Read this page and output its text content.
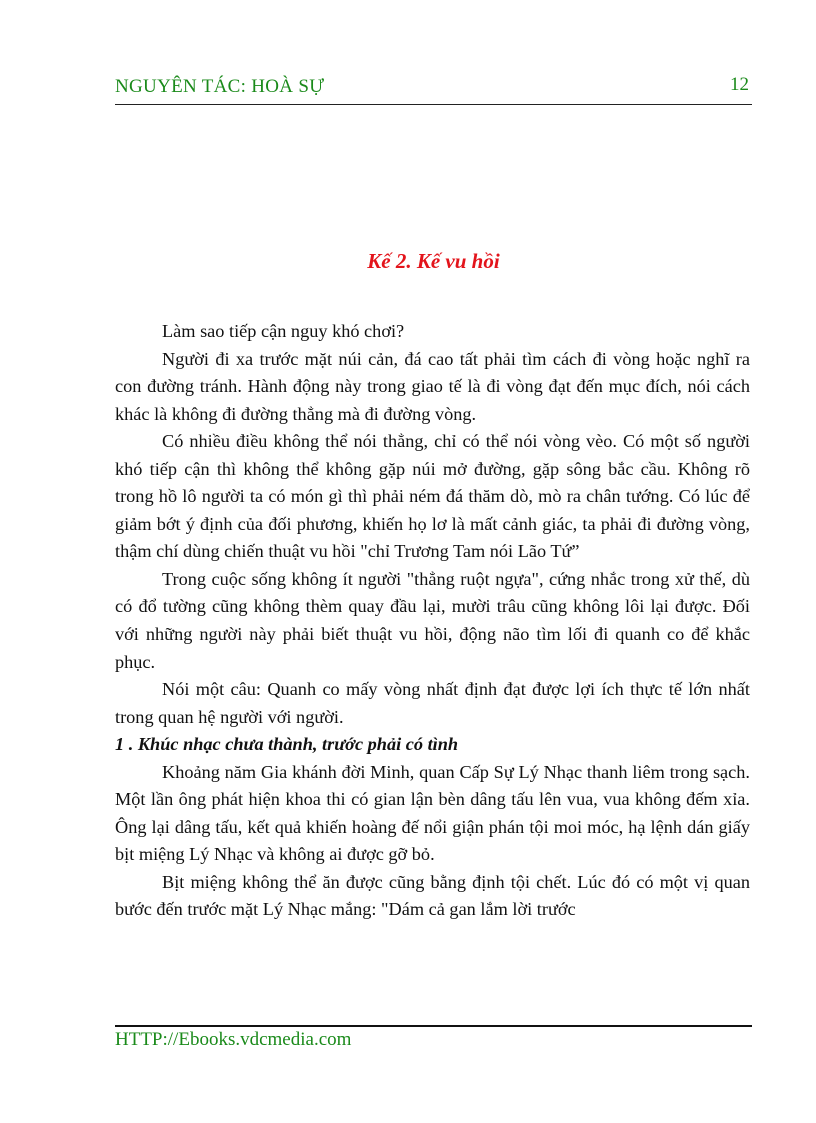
NGUYÊN TÁC: HOÀ SỰ	12
Kế 2. Kế vu hồi

Làm sao tiếp cận nguy khó chơi?

Người đi xa trước mặt núi cản, đá cao tất phải tìm cách đi vòng hoặc nghĩ ra con đường tránh. Hành động này trong giao tế là đi vòng đạt đến mục đích, nói cách khác là không đi đường thẳng mà đi đường vòng.

Có nhiều điều không thể nói thẳng, chỉ có thể nói vòng vèo. Có một số người khó tiếp cận thì không thể không gặp núi mở đường, gặp sông bắc cầu. Không rõ trong hồ lô người ta có món gì thì phải ném đá thăm dò, mò ra chân tướng. Có lúc để giảm bớt ý định của đối phương, khiến họ lơ là mất cảnh giác, ta phải đi đường vòng, thậm chí dùng chiến thuật vu hồi "chỉ Trương Tam nói Lão Tứ”

Trong cuộc sống không ít người "thẳng ruột ngựa", cứng nhắc trong xử thế, dù có đổ tường cũng không thèm quay đầu lại, mười trâu cũng không lôi lại được. Đối với những người này phải biết thuật vu hồi, động não tìm lối đi quanh co để khắc phục.

Nói một câu: Quanh co mấy vòng nhất định đạt được lợi ích thực tế lớn nhất trong quan hệ người với người.

1 . Khúc nhạc chưa thành, trước phải có tình

Khoảng năm Gia khánh đời Minh, quan Cấp Sự Lý Nhạc thanh liêm trong sạch. Một lần ông phát hiện khoa thi có gian lận bèn dâng tấu lên vua, vua không đếm xỉa. Ông lại dâng tấu, kết quả khiến hoàng đế nổi giận phán tội moi móc, hạ lệnh dán giấy bịt miệng Lý Nhạc và không ai được gỡ bỏ.

Bịt miệng không thể ăn được cũng bằng định tội chết. Lúc đó có một vị quan bước đến trước mặt Lý Nhạc mắng: "Dám cả gan lắm lời trước

HTTP://Ebooks.vdcmedia.com
